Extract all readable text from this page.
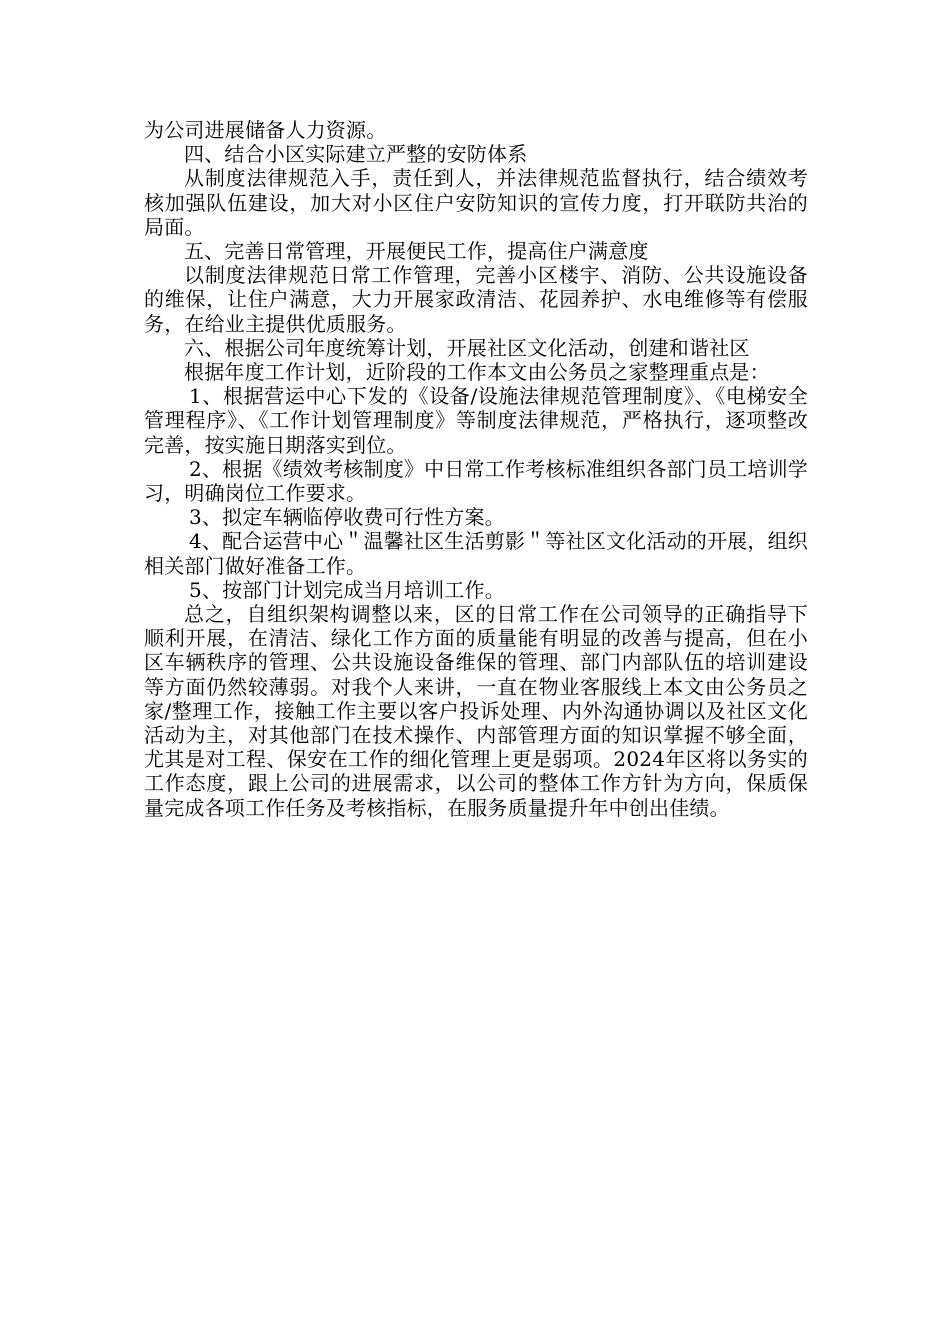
为公司进展储备人力资源。

四、结合小区实际建立严整的安防体系

从制度法律规范入手，责任到人，并法律规范监督执行，结合绩效考核加强队伍建设，加大对小区住户安防知识的宣传力度，打开联防共治的局面。

五、完善日常管理，开展便民工作，提高住户满意度

以制度法律规范日常工作管理，完善小区楼宇、消防、公共设施设备的维保，让住户满意，大力开展家政清洁、花园养护、水电维修等有偿服务，在给业主提供优质服务。

六、根据公司年度统筹计划，开展社区文化活动，创建和谐社区

根据年度工作计划，近阶段的工作本文由公务员之家整理重点是：

1、根据营运中心下发的《设备/设施法律规范管理制度》、《电梯安全管理程序》、《工作计划管理制度》等制度法律规范，严格执行，逐项整改完善，按实施日期落实到位。

2、根据《绩效考核制度》中日常工作考核标准组织各部门员工培训学习，明确岗位工作要求。

3、拟定车辆临停收费可行性方案。

4、配合运营中心＂温馨社区生活剪影＂等社区文化活动的开展，组织相关部门做好准备工作。

5、按部门计划完成当月培训工作。

总之，自组织架构调整以来，区的日常工作在公司领导的正确指导下顺利开展，在清洁、绿化工作方面的质量能有明显的改善与提高，但在小区车辆秩序的管理、公共设施设备维保的管理、部门内部队伍的培训建设等方面仍然较薄弱。对我个人来讲，一直在物业客服线上本文由公务员之家/整理工作，接触工作主要以客户投诉处理、内外沟通协调以及社区文化活动为主，对其他部门在技术操作、内部管理方面的知识掌握不够全面，尤其是对工程、保安在工作的细化管理上更是弱项。2024年区将以务实的工作态度，跟上公司的进展需求，以公司的整体工作方针为方向，保质保量完成各项工作任务及考核指标，在服务质量提升年中创出佳绩。
